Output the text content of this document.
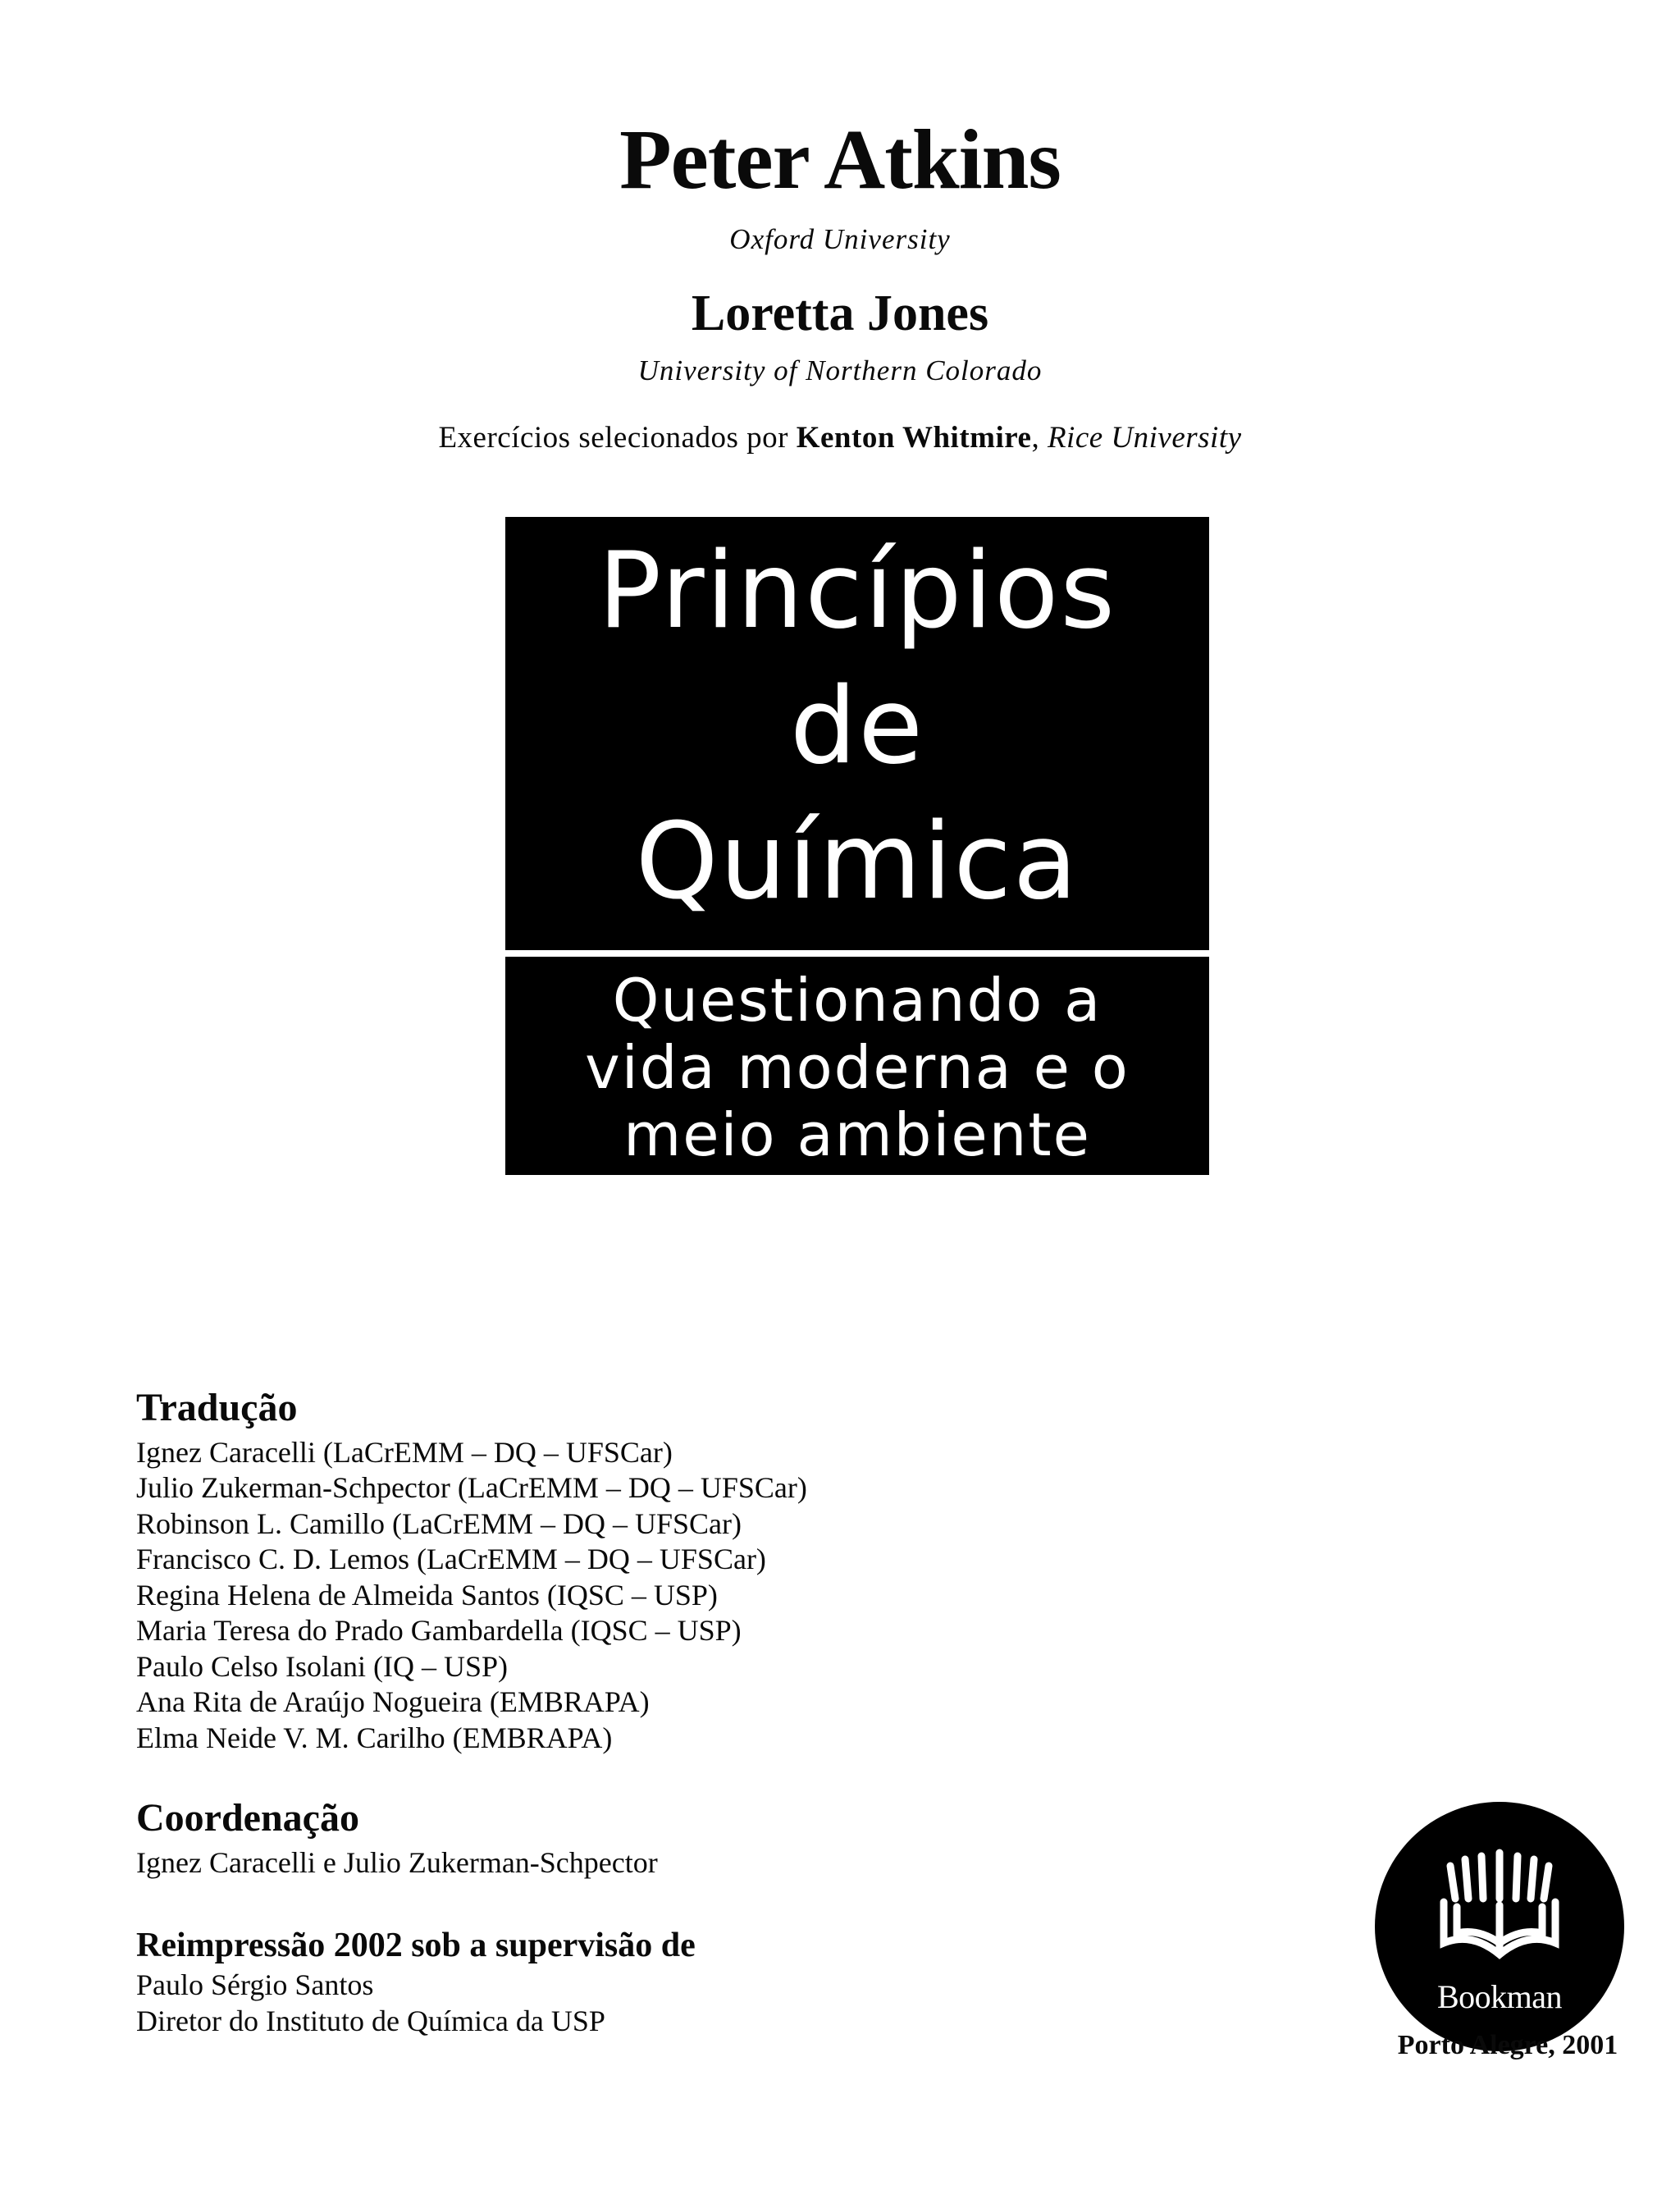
Peter Atkins
Oxford University
Loretta Jones
University of Northern Colorado
Exercícios selecionados por Kenton Whitmire, Rice University
Princípios
de
Química
Questionando a
vida moderna e o
meio ambiente

Tradução

Ignez Caracelli (LaCrEMM – DQ – UFSCar)

Julio Zukerman-Schpector (LaCrEMM – DQ – UFSCar)

Robinson L. Camillo (LaCrEMM – DQ – UFSCar)

Francisco C. D. Lemos (LaCrEMM – DQ – UFSCar)

Regina Helena de Almeida Santos (IQSC – USP)

Maria Teresa do Prado Gambardella (IQSC – USP)

Paulo Celso Isolani (IQ – USP)

Ana Rita de Araújo Nogueira (EMBRAPA)

Elma Neide V. M. Carilho (EMBRAPA)

Coordenação

Ignez Caracelli e Julio Zukerman-Schpector

Reimpressão 2002 sob a supervisão de

Paulo Sérgio Santos

Diretor do Instituto de Química da USP

Bookman
Porto Alegre, 2001
